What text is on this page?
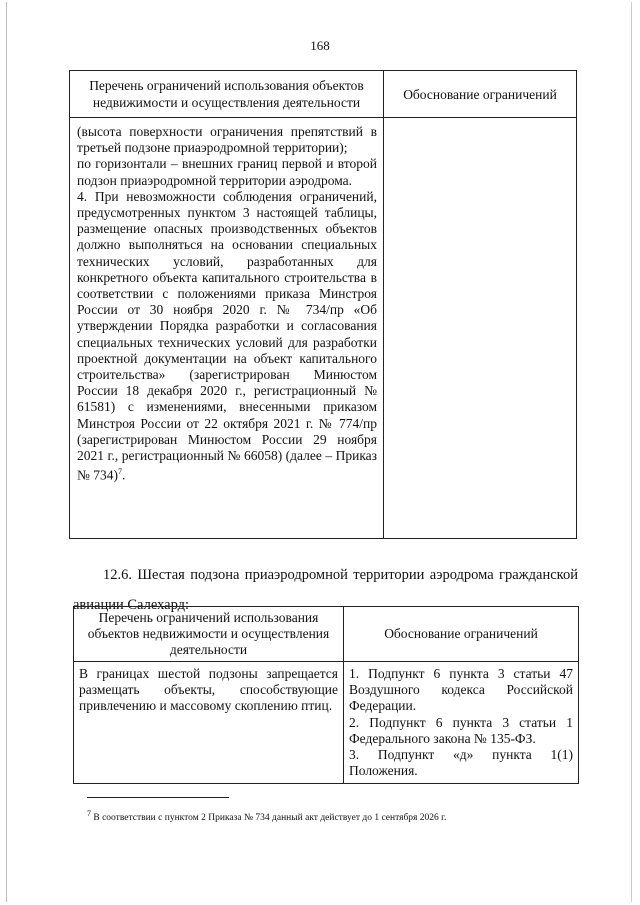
168
Перечень ограничений использования объектов недвижимости и осуществления деятельности	Обоснование ограничений

(высота поверхности ограничения препятствий в третьей подзоне приаэродромной территории);

по горизонтали – внешних границ первой и второй подзон приаэродромной территории аэродрома.

4. При невозможности соблюдения ограничений, предусмотренных пунктом 3 настоящей таблицы, размещение опасных производственных объектов должно выполняться на основании специальных технических условий, разработанных для конкретного объекта капитального строительства в соответствии с положениями приказа Минстроя России от 30 ноября 2020 г. № 734/пр «Об утверждении Порядка разработки и согласования специальных технических условий для разработки проектной документации на объект капитального строительства» (зарегистрирован Минюстом России 18 декабря 2020 г., регистрационный № 61581) с изменениями, внесенными приказом Минстроя России от 22 октября 2021 г. № 774/пр (зарегистрирован Минюстом России 29 ноября 2021 г., регистрационный № 66058) (далее – Приказ № 734)$^7$.	

12.6. Шестая подзона приаэродромной территории аэродрома гражданской авиации Салехард:

Перечень ограничений использования объектов недвижимости и осуществления деятельности	Обоснование ограничений
В границах шестой подзоны запрещается размещать объекты, способствующие привлечению и массовому скоплению птиц.	1. Подпункт 6 пункта 3 статьи 47 Воздушного кодекса Российской Федерации.

2. Подпункт 6 пункта 3 статьи 1 Федерального закона № 135-ФЗ.

3. Подпункт «д» пункта 1(1) Положения.

$^7$ В соответствии с пунктом 2 Приказа № 734 данный акт действует до 1 сентября 2026 г.
